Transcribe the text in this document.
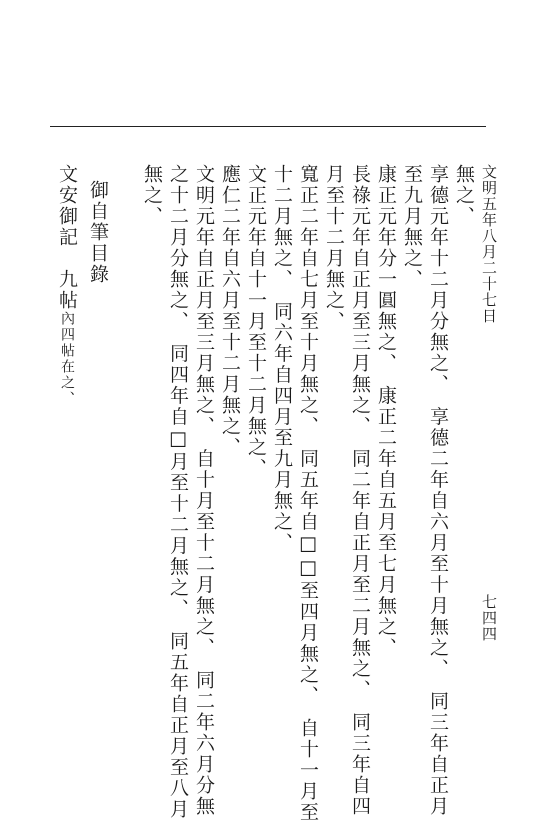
文明五年八月二十七日
七四四
無之、
享德元年十二月分無之、　享德二年自六月至十月無之、　同三年自正月
至九月無之、
康正元年分一圓無之、　康正二年自五月至七月無之、
長祿元年自正月至三月無之、　同二年自正月至二月無之、　同三年自四
月至十二月無之、
寬正二年自七月至十月無之、　同五年自□□至四月無之、　自十一月至
十二月無之、　同六年自四月至九月無之、
文正元年自十一月至十二月無之、
應仁二年自六月至十二月無之、
文明元年自正月至三月無之、　自十月至十二月無之、　同二年六月分無
之十二月分無之、　同四年自□月至十二月無之、　同五年自正月至八月
無之、
御自筆目錄
文安御記　九帖內四帖在之、
